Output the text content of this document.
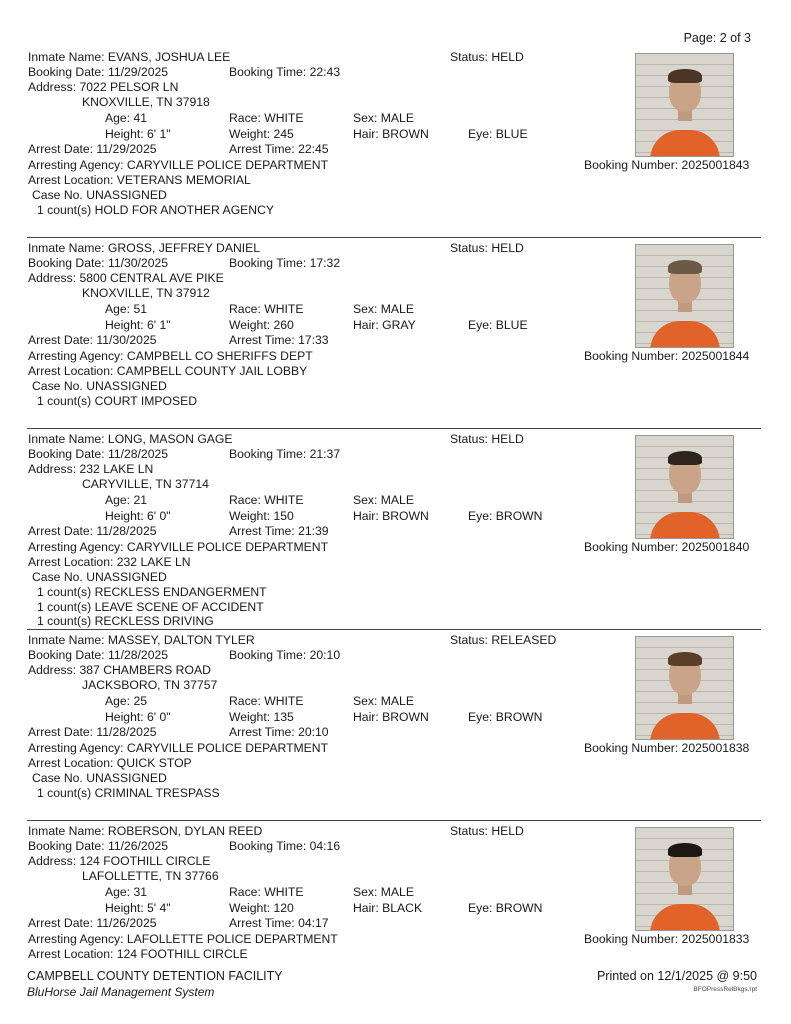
Page: 2 of 3
Inmate Name: EVANS, JOSHUA LEE	Status: HELD
Booking Date: 11/29/2025	Booking Time: 22:43
Address: 7022 PELSOR LN
KNOXVILLE, TN 37918
Age: 41	Race: WHITE	Sex: MALE
Height: 6' 1"	Weight: 245	Hair: BROWN	Eye: BLUE
Arrest Date: 11/29/2025	Arrest Time: 22:45
Arresting Agency: CARYVILLE POLICE DEPARTMENT	Booking Number: 2025001843
Arrest Location: VETERANS MEMORIAL
Case No. UNASSIGNED
1 count(s) HOLD FOR ANOTHER AGENCY
Inmate Name: GROSS, JEFFREY DANIEL	Status: HELD
Booking Date: 11/30/2025	Booking Time: 17:32
Address: 5800 CENTRAL AVE PIKE
KNOXVILLE, TN 37912
Age: 51	Race: WHITE	Sex: MALE
Height: 6' 1"	Weight: 260	Hair: GRAY	Eye: BLUE
Arrest Date: 11/30/2025	Arrest Time: 17:33
Arresting Agency: CAMPBELL CO SHERIFFS DEPT	Booking Number: 2025001844
Arrest Location: CAMPBELL COUNTY JAIL LOBBY
Case No. UNASSIGNED
1 count(s) COURT IMPOSED
Inmate Name: LONG, MASON GAGE	Status: HELD
Booking Date: 11/28/2025	Booking Time: 21:37
Address: 232 LAKE LN
CARYVILLE, TN 37714
Age: 21	Race: WHITE	Sex: MALE
Height: 6' 0"	Weight: 150	Hair: BROWN	Eye: BROWN
Arrest Date: 11/28/2025	Arrest Time: 21:39
Arresting Agency: CARYVILLE POLICE DEPARTMENT	Booking Number: 2025001840
Arrest Location: 232 LAKE LN
Case No. UNASSIGNED
1 count(s) RECKLESS ENDANGERMENT
1 count(s) LEAVE SCENE OF ACCIDENT
1 count(s) RECKLESS DRIVING
Inmate Name: MASSEY, DALTON TYLER	Status: RELEASED
Booking Date: 11/28/2025	Booking Time: 20:10
Address: 387 CHAMBERS ROAD
JACKSBORO, TN 37757
Age: 25	Race: WHITE	Sex: MALE
Height: 6' 0"	Weight: 135	Hair: BROWN	Eye: BROWN
Arrest Date: 11/28/2025	Arrest Time: 20:10
Arresting Agency: CARYVILLE POLICE DEPARTMENT	Booking Number: 2025001838
Arrest Location: QUICK STOP
Case No. UNASSIGNED
1 count(s) CRIMINAL TRESPASS
Inmate Name: ROBERSON, DYLAN REED	Status: HELD
Booking Date: 11/26/2025	Booking Time: 04:16
Address: 124 FOOTHILL CIRCLE
LAFOLLETTE, TN 37766
Age: 31	Race: WHITE	Sex: MALE
Height: 5' 4"	Weight: 120	Hair: BLACK	Eye: BROWN
Arrest Date: 11/26/2025	Arrest Time: 04:17
Arresting Agency: LAFOLLETTE POLICE DEPARTMENT	Booking Number: 2025001833
Arrest Location: 124 FOOTHILL CIRCLE
CAMPBELL COUNTY DETENTION FACILITY
BluHorse Jail Management System
Printed on 12/1/2025 @ 9:50
BFOPressRelBkgs.rpt
